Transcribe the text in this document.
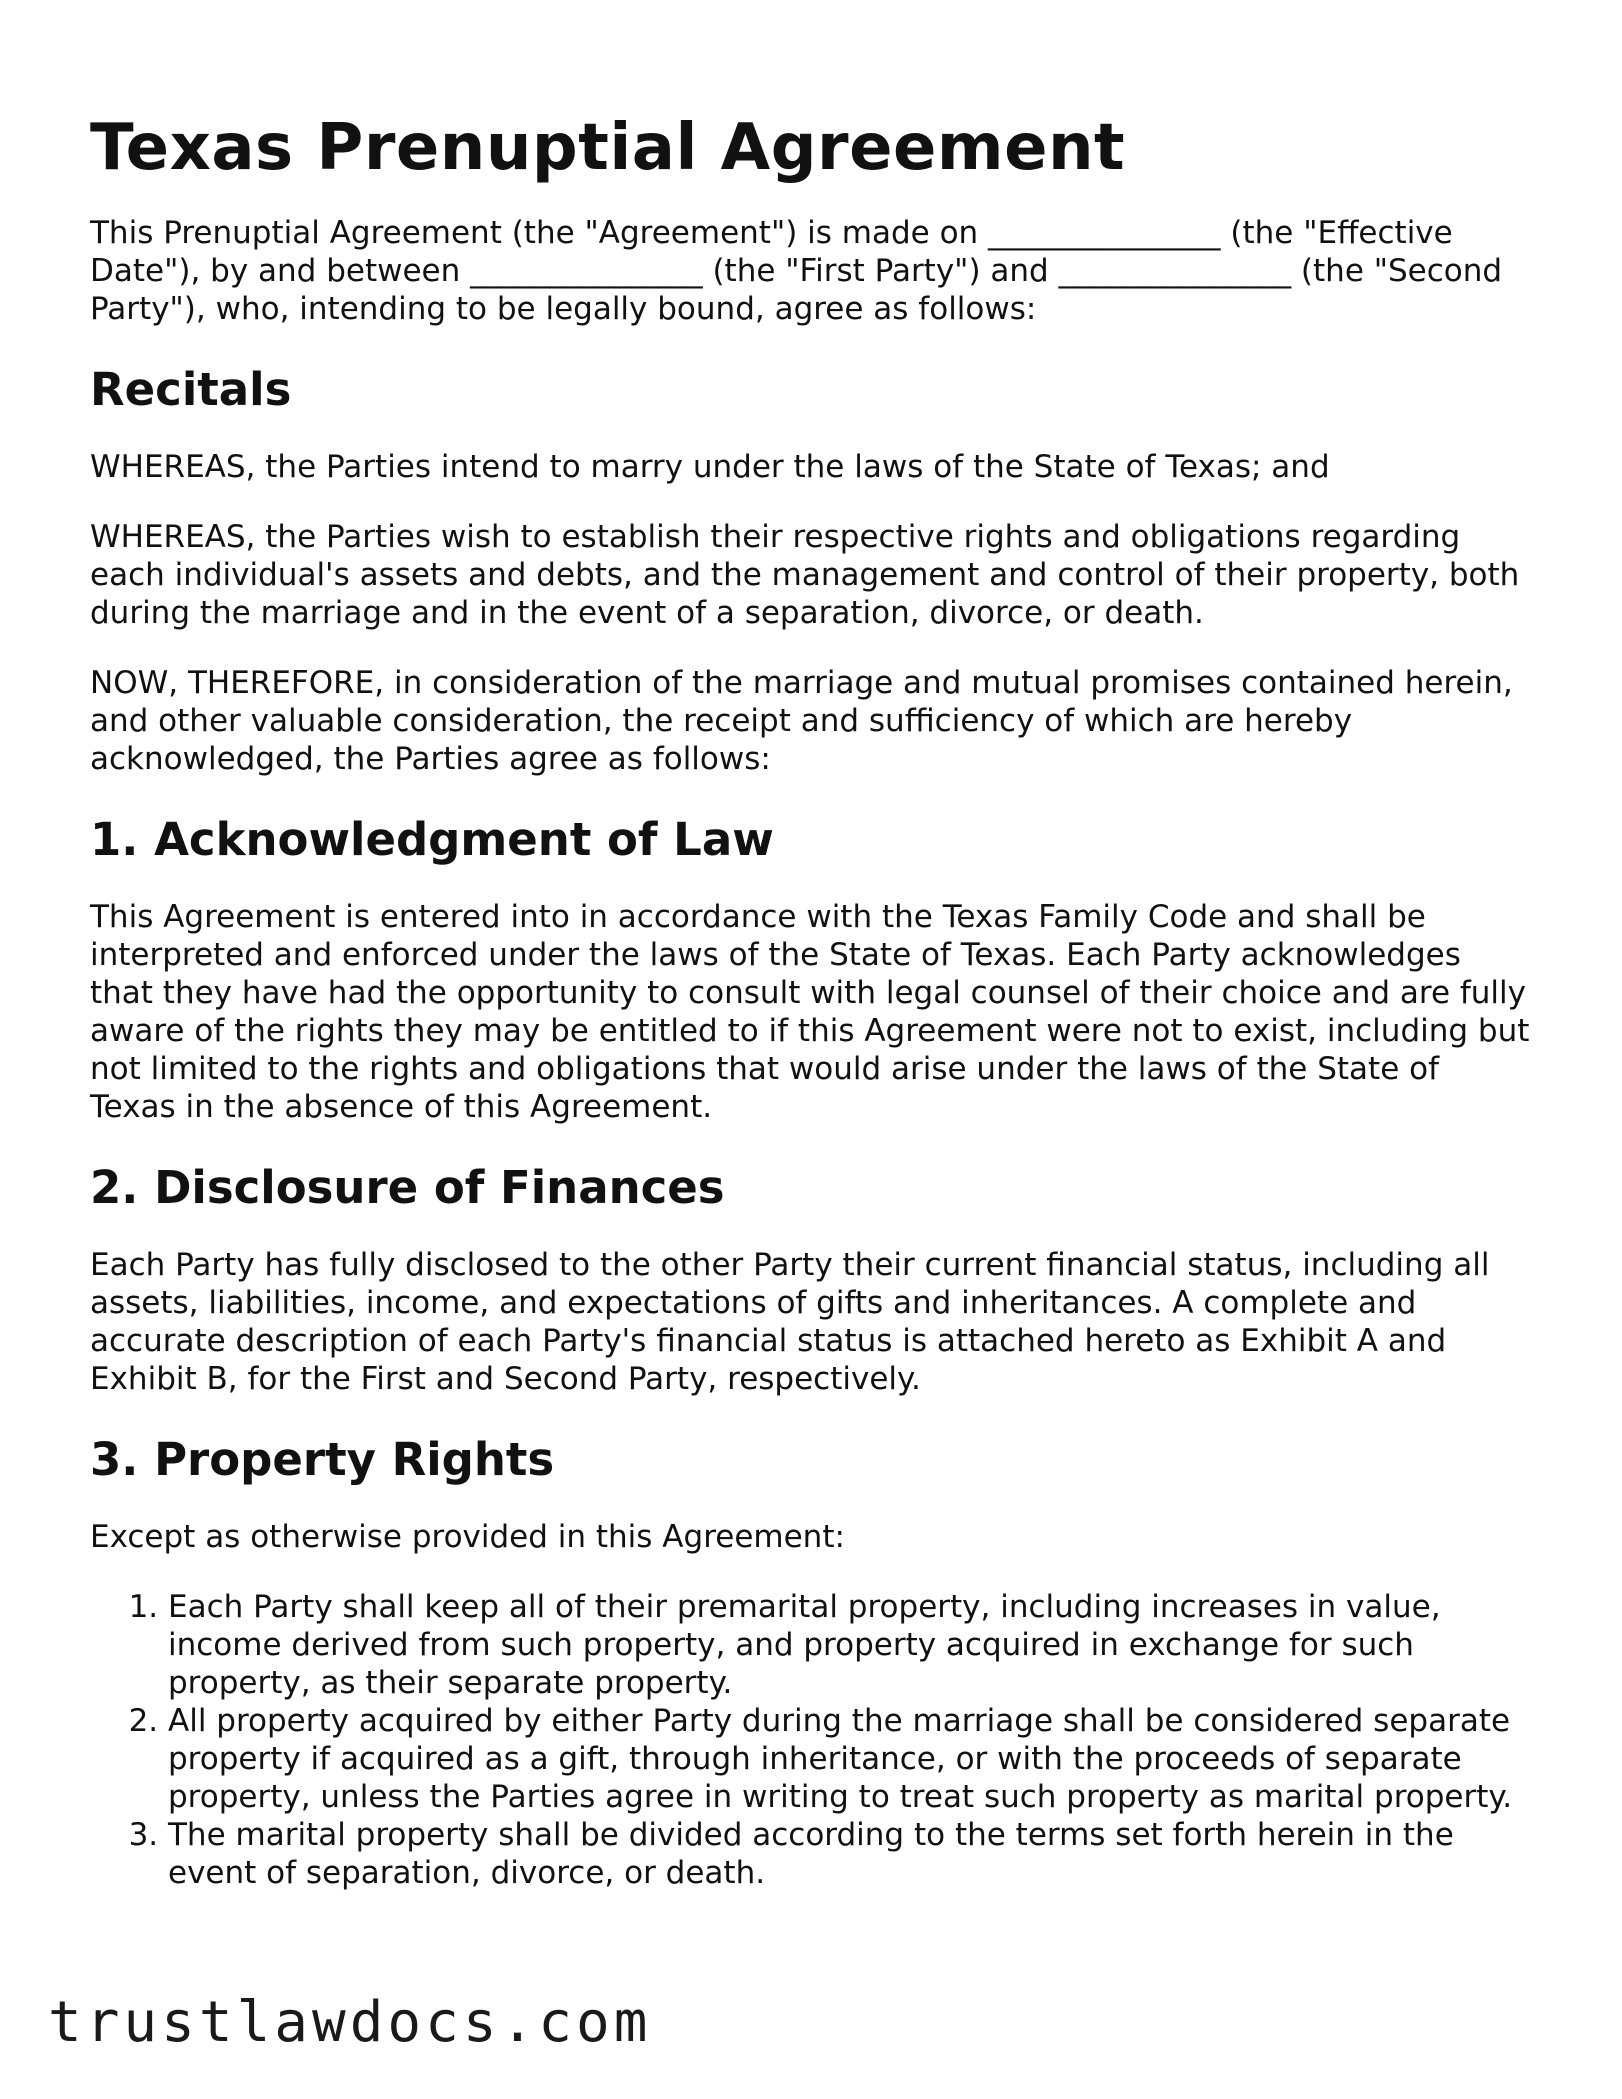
Texas Prenuptial Agreement

This Prenuptial Agreement (the "Agreement") is made on _______________ (the "Effective Date"), by and between _______________ (the "First Party") and _______________ (the "Second Party"), who, intending to be legally bound, agree as follows:

Recitals

WHEREAS, the Parties intend to marry under the laws of the State of Texas; and

WHEREAS, the Parties wish to establish their respective rights and obligations regarding each individual's assets and debts, and the management and control of their property, both during the marriage and in the event of a separation, divorce, or death.

NOW, THEREFORE, in consideration of the marriage and mutual promises contained herein, and other valuable consideration, the receipt and sufficiency of which are hereby acknowledged, the Parties agree as follows:

1. Acknowledgment of Law

This Agreement is entered into in accordance with the Texas Family Code and shall be interpreted and enforced under the laws of the State of Texas. Each Party acknowledges that they have had the opportunity to consult with legal counsel of their choice and are fully aware of the rights they may be entitled to if this Agreement were not to exist, including but not limited to the rights and obligations that would arise under the laws of the State of Texas in the absence of this Agreement.

2. Disclosure of Finances

Each Party has fully disclosed to the other Party their current financial status, including all assets, liabilities, income, and expectations of gifts and inheritances. A complete and accurate description of each Party's financial status is attached hereto as Exhibit A and Exhibit B, for the First and Second Party, respectively.

3. Property Rights

Except as otherwise provided in this Agreement:

1. Each Party shall keep all of their premarital property, including increases in value, income derived from such property, and property acquired in exchange for such property, as their separate property.
2. All property acquired by either Party during the marriage shall be considered separate property if acquired as a gift, through inheritance, or with the proceeds of separate property, unless the Parties agree in writing to treat such property as marital property.
3. The marital property shall be divided according to the terms set forth herein in the event of separation, divorce, or death.
trustlawdocs.com
